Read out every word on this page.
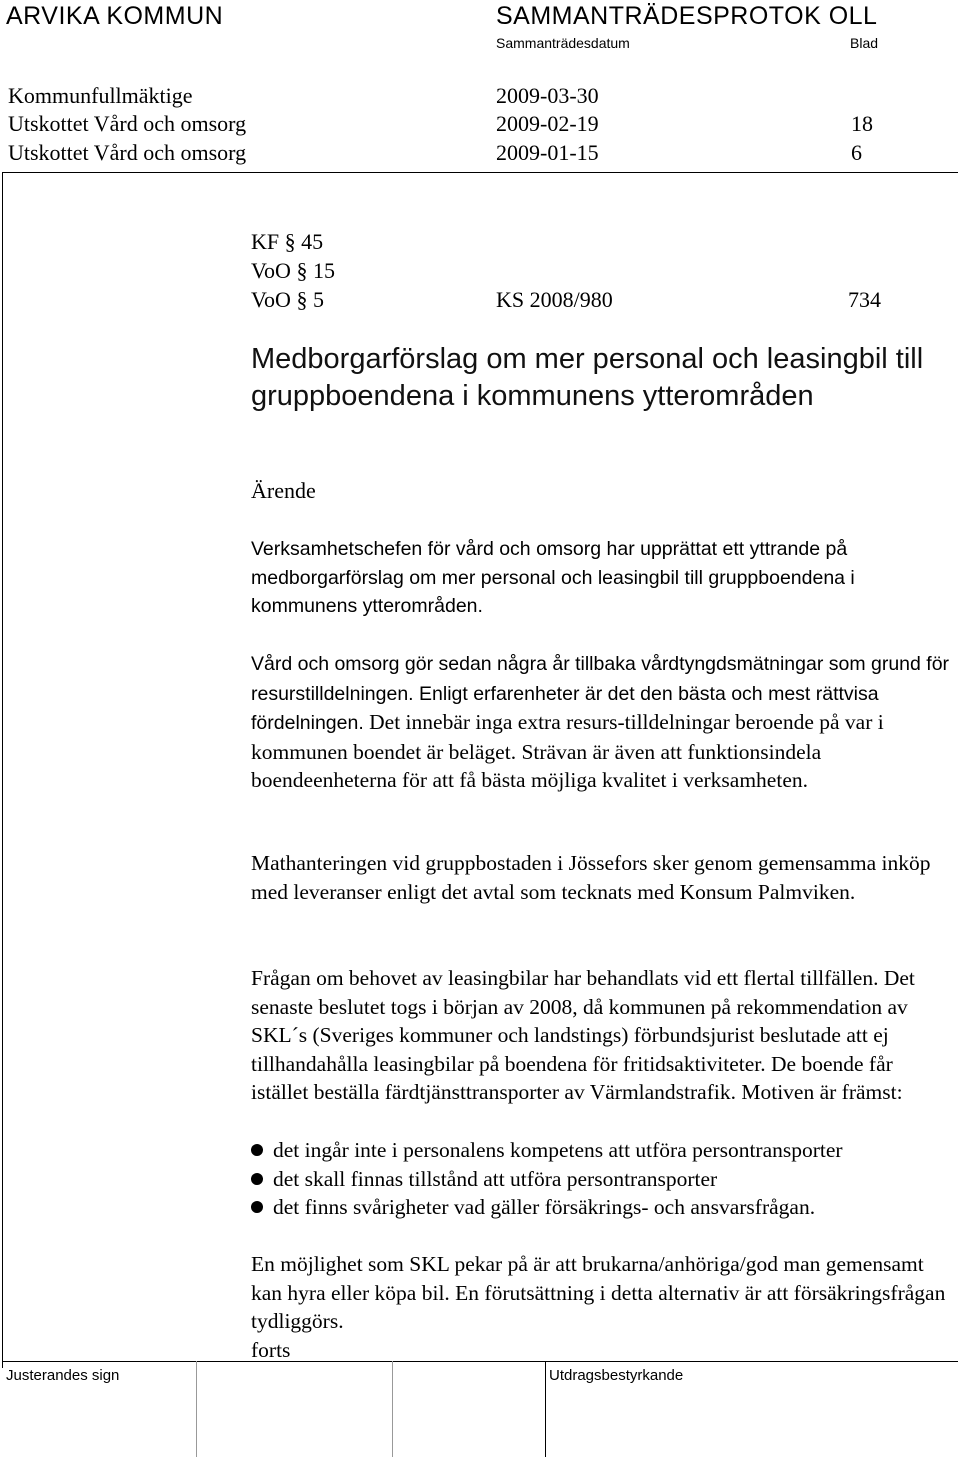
ARVIKA KOMMUN	SAMMANTRÄDESPROTOK OLL
Sammanträdesdatum	Blad
Kommunfullmäktige	2009-03-30
Utskottet Vård och omsorg	2009-02-19	18
Utskottet Vård och omsorg	2009-01-15	6
KF § 45
VoO § 15
VoO § 5	KS 2008/980	734
Medborgarförslag om mer personal och leasingbil till gruppboendena i kommunens ytterområden
Ärende
Verksamhetschefen för vård och omsorg har upprättat ett yttrande på medborgarförslag om mer personal och leasingbil till gruppboendena i kommunens ytterområden.
Vård och omsorg gör sedan några år tillbaka vårdtyngdsmätningar som grund för resurstilldelningen. Enligt erfarenheter är det den bästa och mest rättvisa fördelningen. Det innebär inga extra resurs-tilldelningar beroende på var i kommunen boendet är beläget. Strävan är även att funktionsindela boendeenheterna för att få bästa möjliga kvalitet i verksamheten.
Mathanteringen vid gruppbostaden i Jössefors sker genom gemensamma inköp med leveranser enligt det avtal som tecknats med Konsum Palmviken.
Frågan om behovet av leasingbilar har behandlats vid ett flertal tillfällen. Det senaste beslutet togs i början av 2008, då kommunen på rekommendation av SKL´s (Sveriges kommuner och landstings) förbundsjurist beslutade att ej tillhandahålla leasingbilar på boendena för fritidsaktiviteter. De boende får istället beställa färdtjänsttransporter av Värmlandstrafik. Motiven är främst:
det ingår inte i personalens kompetens att utföra persontransporter
det skall finnas tillstånd att utföra persontransporter
det finns svårigheter vad gäller försäkrings- och ansvarsfrågan.
En möjlighet som SKL pekar på är att brukarna/anhöriga/god man gemensamt kan hyra eller köpa bil. En förutsättning i detta alternativ är att försäkringsfrågan tydliggörs.
forts
Justerandes sign	Utdragsbestyrkande
